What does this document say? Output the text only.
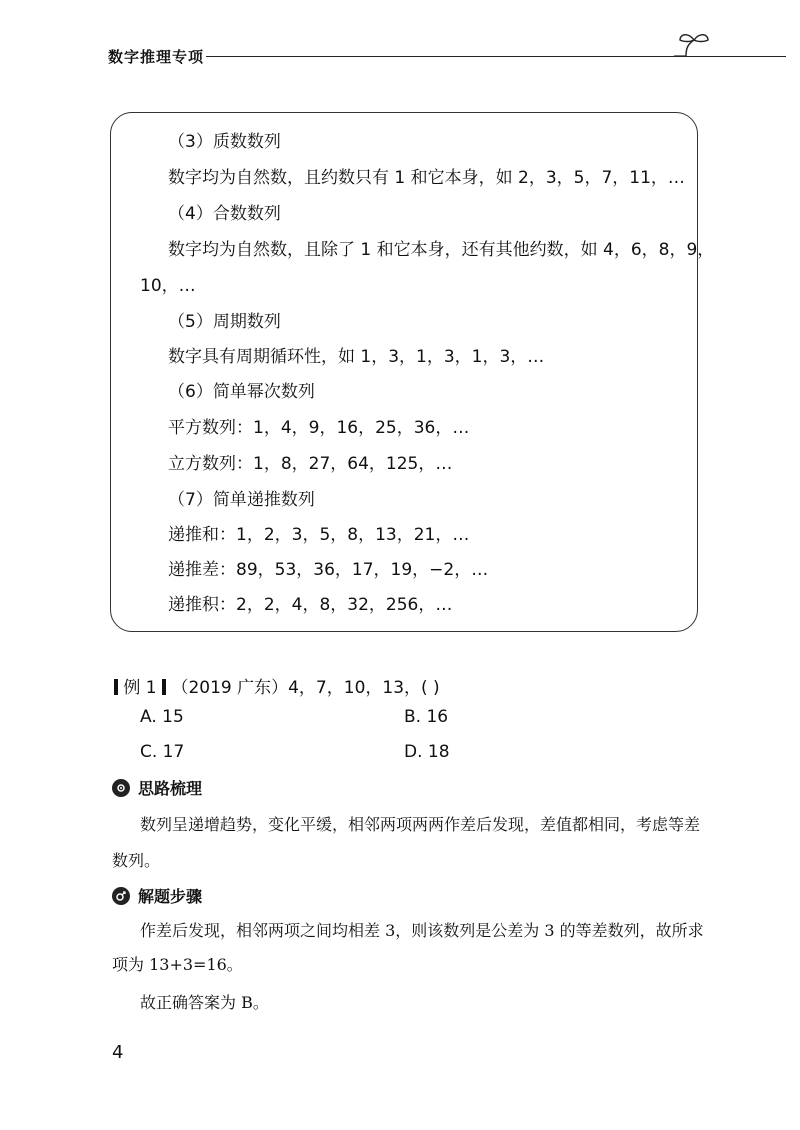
数字推理专项
（3）质数数列
数字均为自然数，且约数只有 1 和它本身，如 2，3，5，7，11，…
（4）合数数列
数字均为自然数，且除了 1 和它本身，还有其他约数，如 4，6，8，9，
10，…
（5）周期数列
数字具有周期循环性，如 1，3，1，3，1，3，…
（6）简单幂次数列
平方数列：1，4，9，16，25，36，…
立方数列：1，8，27，64，125，…
（7）简单递推数列
递推和：1，2，3，5，8，13，21，…
递推差：89，53，36，17，19，−2，…
递推积：2，2，4，8，32，256，…
例 1 （2019 广东）4，7，10，13，( )
A. 15	B. 16
C. 17	D. 18
思路梳理
数列呈递增趋势，变化平缓，相邻两项两两作差后发现，差值都相同，考虑等差
数列。
解题步骤
作差后发现，相邻两项之间均相差 3，则该数列是公差为 3 的等差数列，故所求
项为 13+3=16。
故正确答案为 B。
4
